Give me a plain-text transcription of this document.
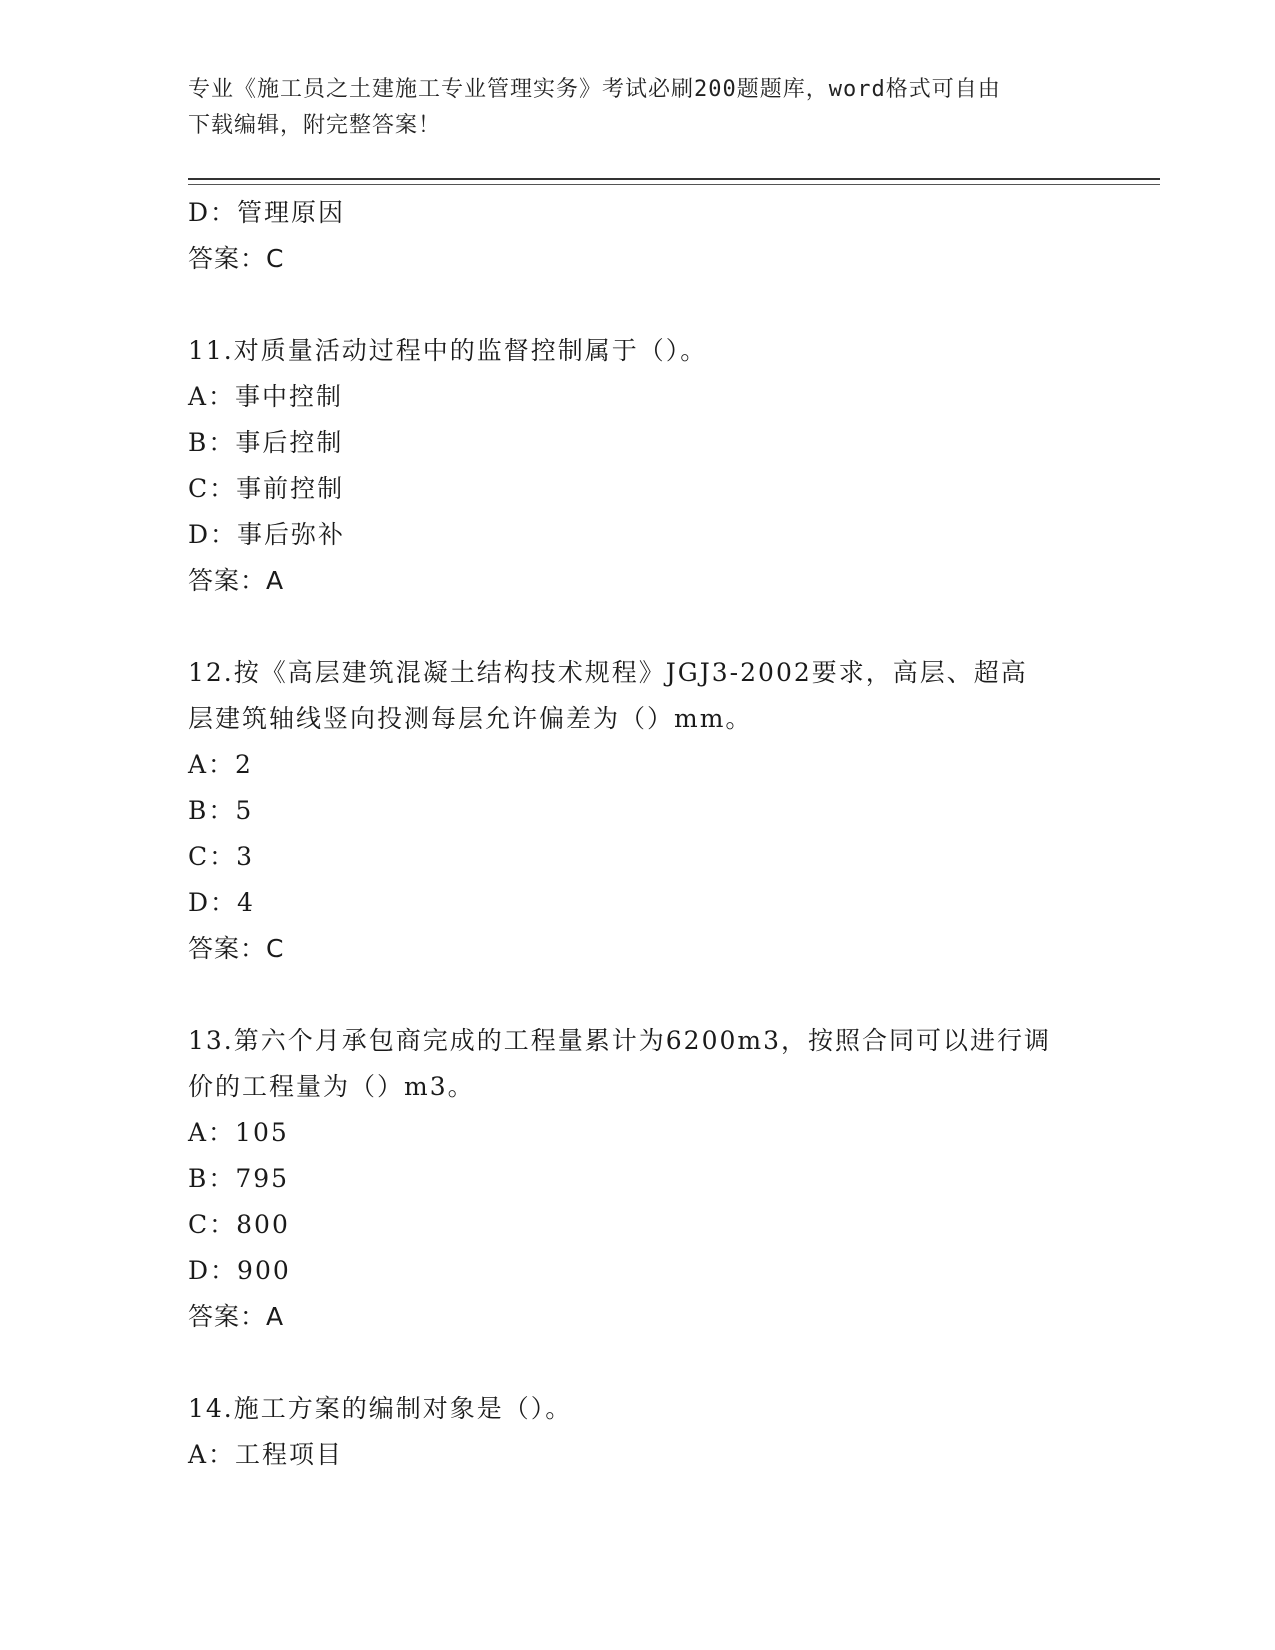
专业《施工员之土建施工专业管理实务》考试必刷200题题库，word格式可自由
下载编辑，附完整答案！
D：管理原因
答案：C
11.对质量活动过程中的监督控制属于（）。
A：事中控制
B：事后控制
C：事前控制
D：事后弥补
答案：A
12.按《高层建筑混凝土结构技术规程》JGJ3-2002要求，高层、超高
层建筑轴线竖向投测每层允许偏差为（）mm。
A：2
B：5
C：3
D：4
答案：C
13.第六个月承包商完成的工程量累计为6200m3，按照合同可以进行调
价的工程量为（）m3。
A：105
B：795
C：800
D：900
答案：A
14.施工方案的编制对象是（）。
A：工程项目
